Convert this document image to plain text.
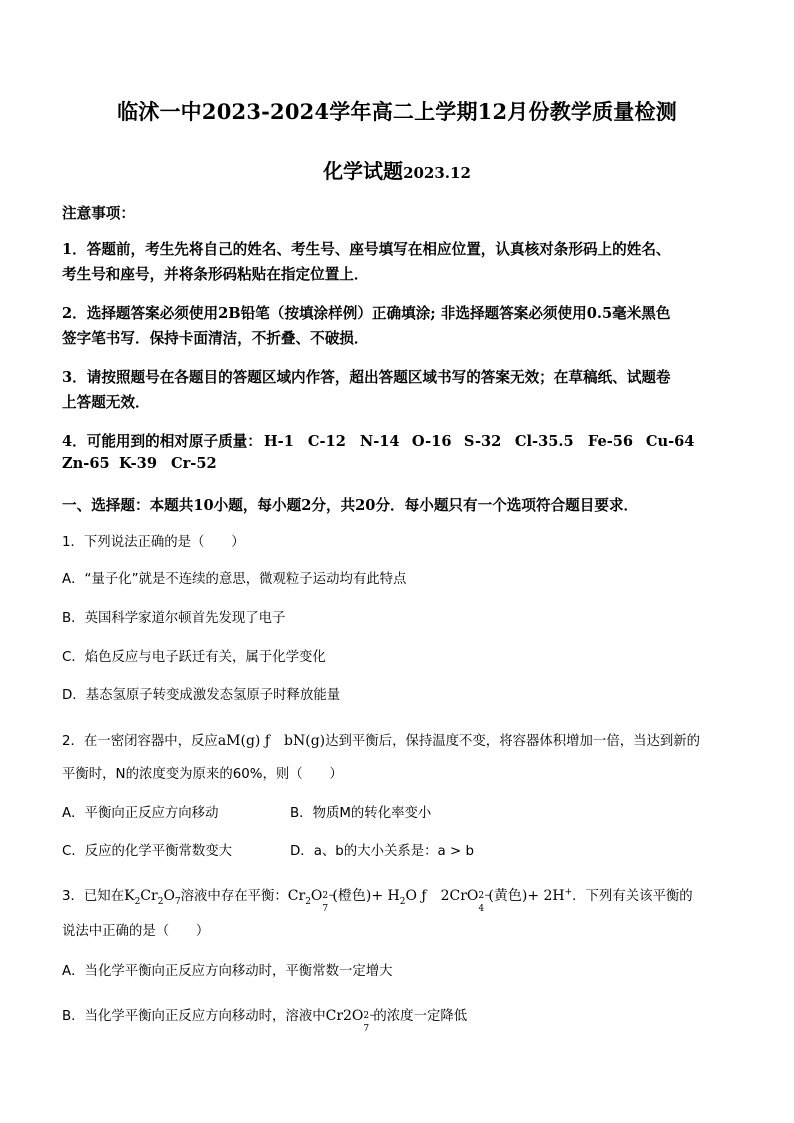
临沭一中2023-2024学年高二上学期12月份教学质量检测
化学试题2023.12
注意事项：
1．答题前，考生先将自己的姓名、考生号、座号填写在相应位置，认真核对条形码上的姓名、
考生号和座号，并将条形码粘贴在指定位置上．
2．选择题答案必须使用2B铅笔（按填涂样例）正确填涂; 非选择题答案必须使用0.5毫米黑色
签字笔书写．保持卡面清洁，不折叠、不破损．
3．请按照题号在各题目的答题区域内作答，超出答题区域书写的答案无效；在草稿纸、试题卷
上答题无效．
4．可能用到的相对原子质量： H-1 C-12 N-14 O-16 S-32 Cl-35.5 Fe-56 Cu-64
Zn-65 K-39 Cr-52
一、选择题：本题共10小题，每小题2分，共20分．每小题只有一个选项符合题目要求．
1．下列说法正确的是（　　）
A．“量子化”就是不连续的意思，微观粒子运动均有此特点
B．英国科学家道尔顿首先发现了电子
C．焰色反应与电子跃迁有关，属于化学变化
D．基态氢原子转变成激发态氢原子时释放能量
2．在一密闭容器中，反应aM(g) ƒ　bN(g)达到平衡后，保持温度不变，将容器体积增加一倍，当达到新的
平衡时，N的浓度变为原来的60%，则（　　）
A．平衡向正反应方向移动	B．物质M的转化率变小
C．反应的化学平衡常数变大	D．a、b的大小关系是：a > b
3．已知在$K_2Cr_2O_7$溶液中存在平衡：$Cr_2O$ 2−
7
(橙色)+ $H_2O$ ƒ　2CrO 2−
4
(黄色)+ 2H+．下列有关该平衡的
说法中正确的是（　　）
A．当化学平衡向正反应方向移动时，平衡常数一定增大
B．当化学平衡向正反应方向移动时，溶液中Cr2O 2−
7
的浓度一定降低
